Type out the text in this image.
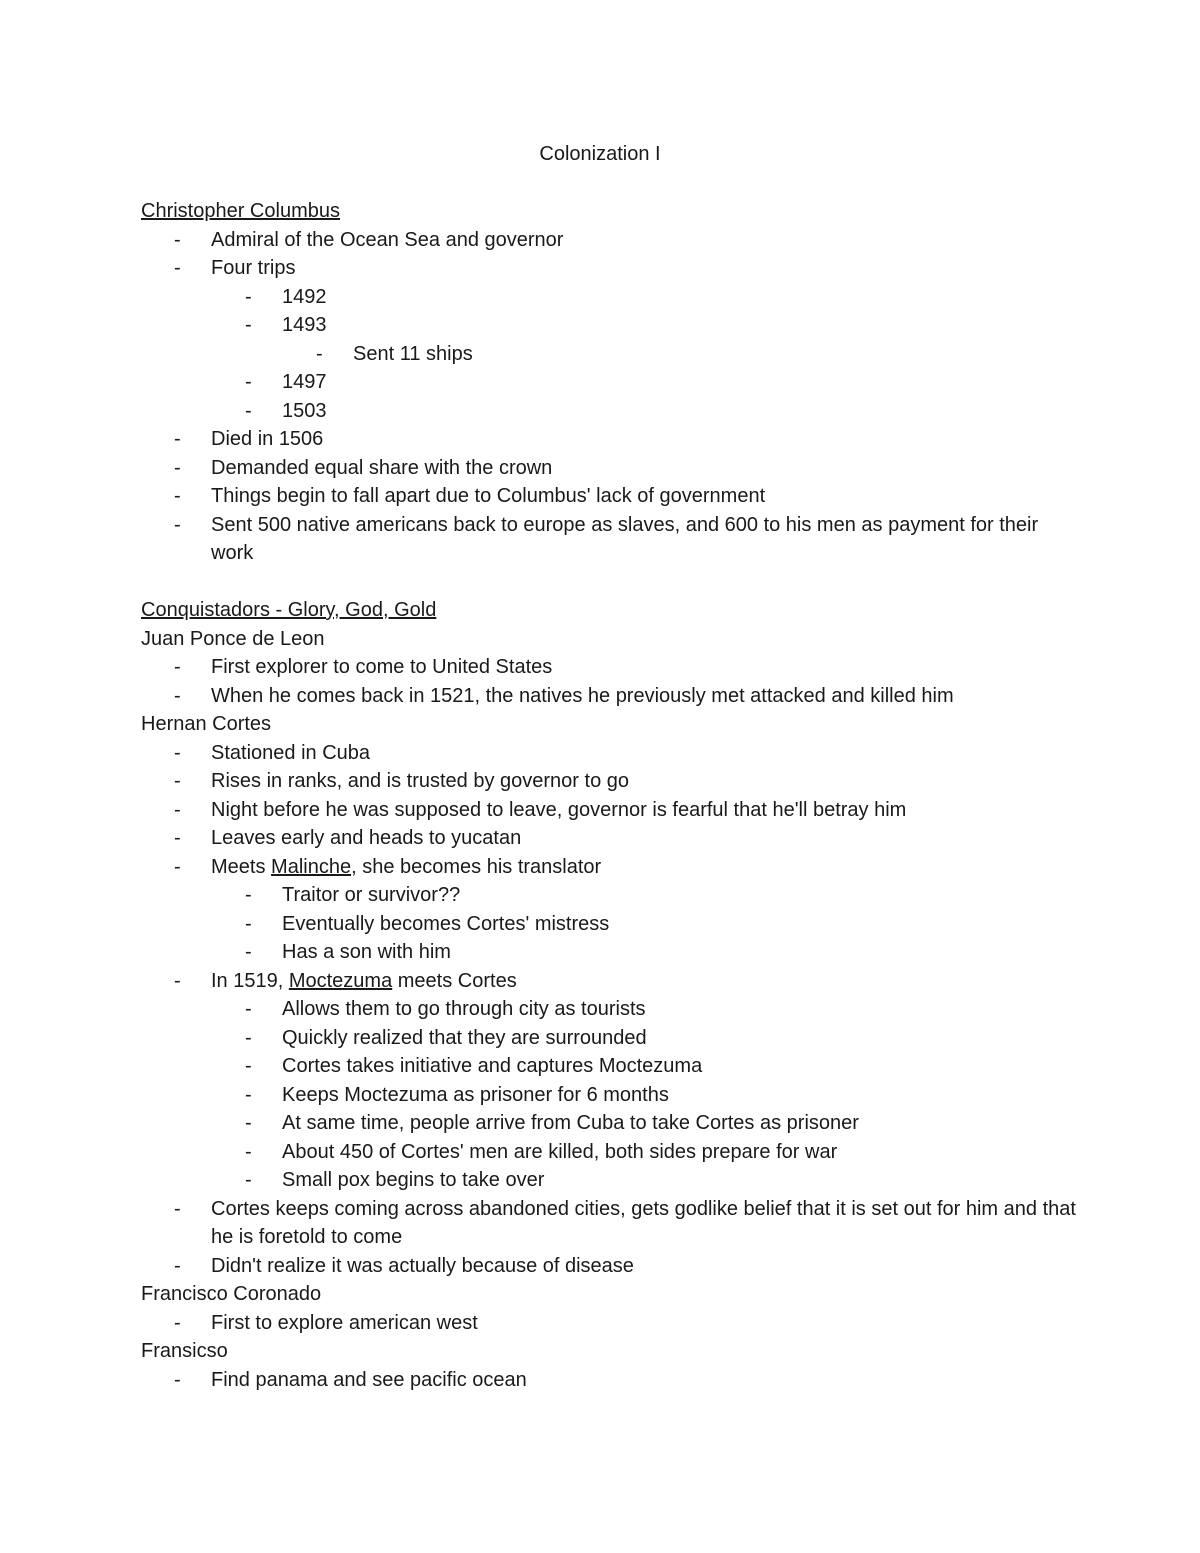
Colonization I
Christopher Columbus
- Admiral of the Ocean Sea and governor
- Four trips
- 1492
- 1493
- Sent 11 ships
- 1497
- 1503
- Died in 1506
- Demanded equal share with the crown
- Things begin to fall apart due to Columbus' lack of government
- Sent 500 native americans back to europe as slaves, and 600 to his men as payment for their work
Conquistadors - Glory, God, Gold
Juan Ponce de Leon
- First explorer to come to United States
- When he comes back in 1521, the natives he previously met attacked and killed him
Hernan Cortes
- Stationed in Cuba
- Rises in ranks, and is trusted by governor to go
- Night before he was supposed to leave, governor is fearful that he'll betray him
- Leaves early and heads to yucatan
- Meets Malinche, she becomes his translator
- Traitor or survivor??
- Eventually becomes Cortes' mistress
- Has a son with him
- In 1519, Moctezuma meets Cortes
- Allows them to go through city as tourists
- Quickly realized that they are surrounded
- Cortes takes initiative and captures Moctezuma
- Keeps Moctezuma as prisoner for 6 months
- At same time, people arrive from Cuba to take Cortes as prisoner
- About 450 of Cortes' men are killed, both sides prepare for war
- Small pox begins to take over
- Cortes keeps coming across abandoned cities, gets godlike belief that it is set out for him and that he is foretold to come
- Didn't realize it was actually because of disease
Francisco Coronado
- First to explore american west
Fransicso
- Find panama and see pacific ocean
